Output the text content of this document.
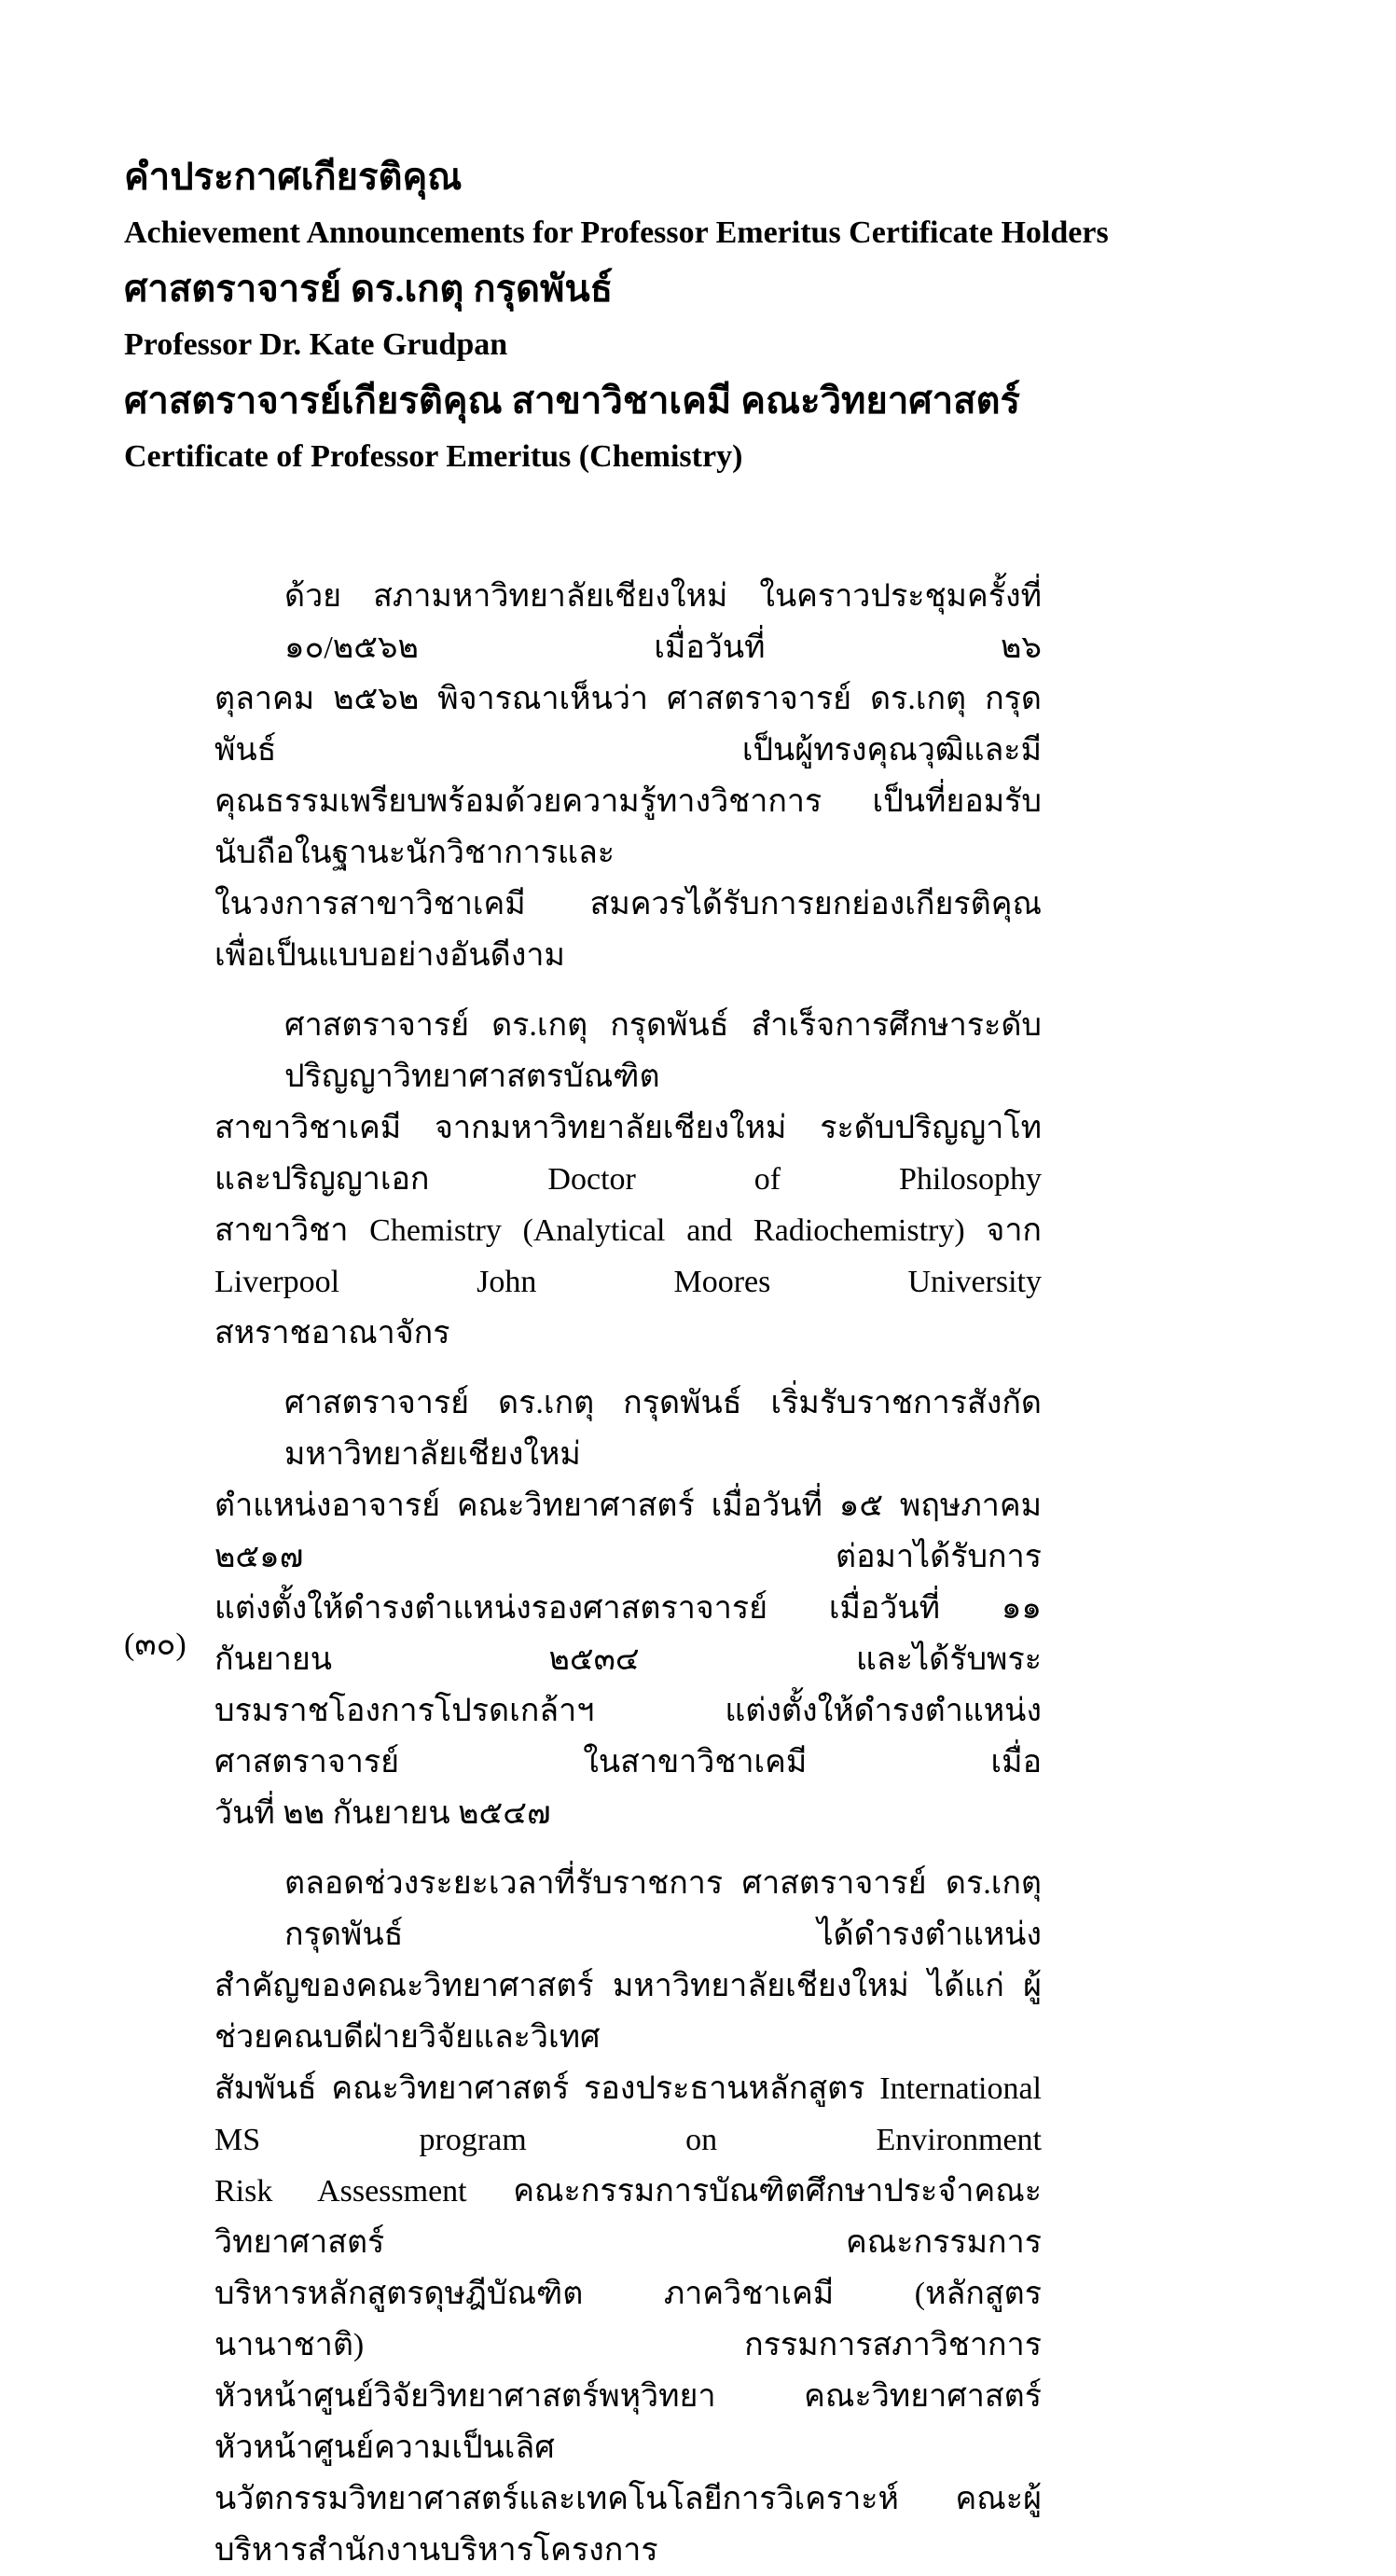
คำประกาศเกียรติคุณ
Achievement Announcements for Professor Emeritus Certificate Holders
ศาสตราจารย์ ดร.เกตุ กรุดพันธ์
Professor Dr. Kate Grudpan
ศาสตราจารย์เกียรติคุณ สาขาวิชาเคมี คณะวิทยาศาสตร์
Certificate of Professor Emeritus (Chemistry)
ด้วย สภามหาวิทยาลัยเชียงใหม่ ในคราวประชุมครั้งที่ ๑๐/๒๕๖๒ เมื่อวันที่ ๒๖
ตุลาคม ๒๕๖๒ พิจารณาเห็นว่า ศาสตราจารย์ ดร.เกตุ กรุดพันธ์ เป็นผู้ทรงคุณวุฒิและมี
คุณธรรมเพรียบพร้อมด้วยความรู้ทางวิชาการ เป็นที่ยอมรับนับถือในฐานะนักวิชาการและ
ในวงการสาขาวิชาเคมี สมควรได้รับการยกย่องเกียรติคุณ เพื่อเป็นแบบอย่างอันดีงาม
ศาสตราจารย์ ดร.เกตุ กรุดพันธ์ สำเร็จการศึกษาระดับปริญญาวิทยาศาสตรบัณฑิต
สาขาวิชาเคมี จากมหาวิทยาลัยเชียงใหม่ ระดับปริญญาโทและปริญญาเอก Doctor of Philosophy
สาขาวิชา Chemistry (Analytical and Radiochemistry) จาก Liverpool John Moores University
สหราชอาณาจักร
ศาสตราจารย์ ดร.เกตุ กรุดพันธ์ เริ่มรับราชการสังกัดมหาวิทยาลัยเชียงใหม่
ตำแหน่งอาจารย์ คณะวิทยาศาสตร์ เมื่อวันที่ ๑๕ พฤษภาคม ๒๕๑๗ ต่อมาได้รับการ
แต่งตั้งให้ดำรงตำแหน่งรองศาสตราจารย์ เมื่อวันที่ ๑๑ กันยายน ๒๕๓๔ และได้รับพระ
บรมราชโองการโปรดเกล้าฯ แต่งตั้งให้ดำรงตำแหน่งศาสตราจารย์ ในสาขาวิชาเคมี เมื่อ
วันที่ ๒๒ กันยายน ๒๕๔๗
ตลอดช่วงระยะเวลาที่รับราชการ ศาสตราจารย์ ดร.เกตุ กรุดพันธ์ ได้ดำรงตำแหน่ง
สำคัญของคณะวิทยาศาสตร์ มหาวิทยาลัยเชียงใหม่ ได้แก่ ผู้ช่วยคณบดีฝ่ายวิจัยและวิเทศ
สัมพันธ์ คณะวิทยาศาสตร์ รองประธานหลักสูตร International MS program on Environment
Risk Assessment คณะกรรมการบัณฑิตศึกษาประจำคณะวิทยาศาสตร์ คณะกรรมการ
บริหารหลักสูตรดุษฎีบัณฑิต ภาควิชาเคมี (หลักสูตรนานาชาติ) กรรมการสภาวิชาการ
หัวหน้าศูนย์วิจัยวิทยาศาสตร์พหุวิทยา คณะวิทยาศาสตร์ หัวหน้าศูนย์ความเป็นเลิศ
นวัตกรรมวิทยาศาสตร์และเทคโนโลยีการวิเคราะห์ คณะผู้บริหารสำนักงานบริหารโครงการ
(๓๐)
